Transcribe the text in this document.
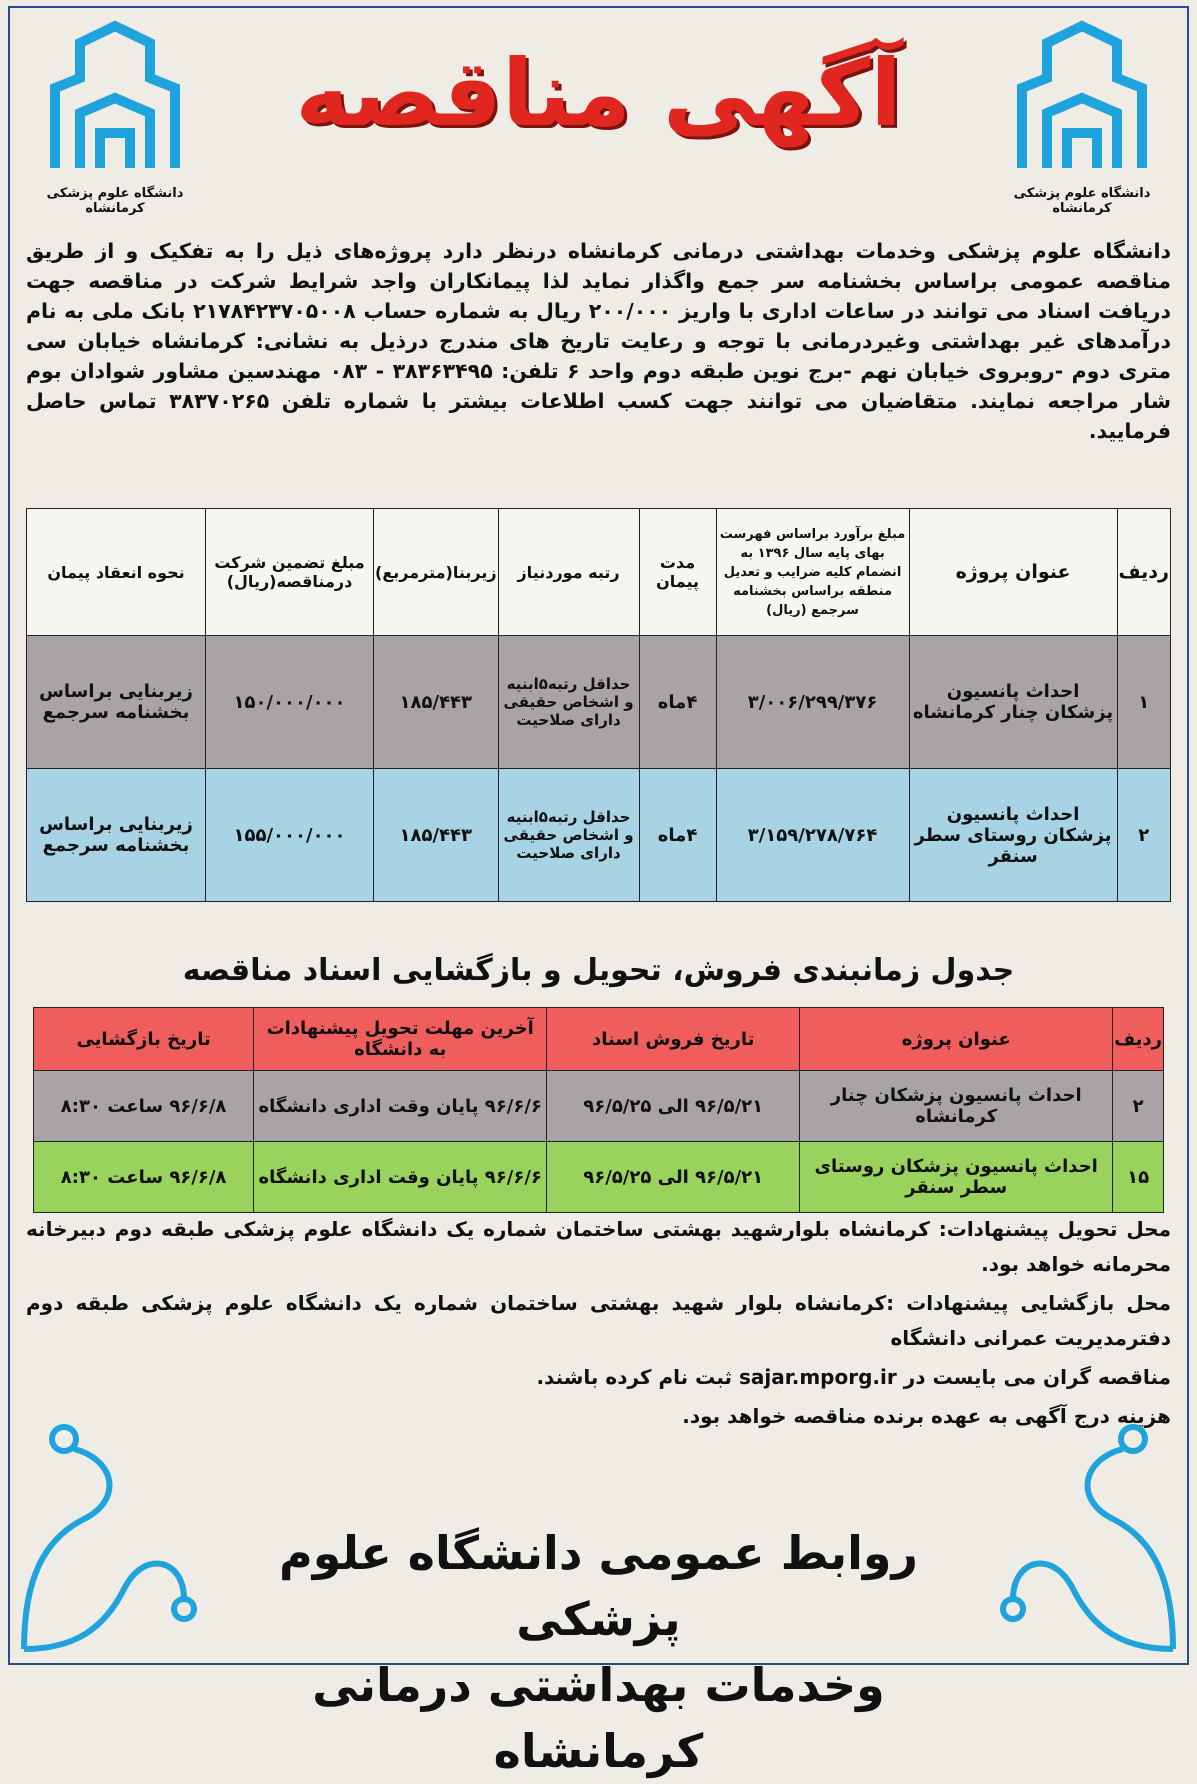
دانشگاه علوم پزشکی کرمانشاه
دانشگاه علوم پزشکی کرمانشاه
آگهی مناقصه
دانشگاه علوم پزشکی وخدمات بهداشتی درمانی کرمانشاه درنظر دارد پروژه‌های ذیل را به تفکیک و از طریق مناقصه عمومی براساس بخشنامه سر جمع واگذار نماید لذا پیمانکاران واجد شرایط شرکت در مناقصه جهت دریافت اسناد می توانند در ساعات اداری با واریز ۲۰۰/۰۰۰ ریال به شماره حساب ۲۱۷۸۴۲۳۷۰۵۰۰۸ بانک ملی به نام درآمدهای غیر بهداشتی وغیردرمانی با توجه و رعایت تاریخ های مندرج درذیل به نشانی: کرمانشاه خیابان سی متری دوم -روبروی خیابان نهم -برج نوین طبقه دوم واحد ۶ تلفن: ۳۸۳۶۳۴۹۵ - ۰۸۳ مهندسین مشاور شوادان بوم شار مراجعه نمایند. متقاضیان می توانند جهت کسب اطلاعات بیشتر با شماره تلفن ۳۸۳۷۰۲۶۵ تماس حاصل فرمایید.
ردیف	عنوان پروژه	مبلغ برآورد براساس فهرست بهای پایه سال ۱۳۹۶ به انضمام کلیه ضرایب و تعدیل منطقه براساس بخشنامه سرجمع (ریال)	مدت پیمان	رتبه موردنیاز	زیربنا(مترمربع)	مبلغ تضمین شرکت درمناقصه(ریال)	نحوه انعقاد پیمان
۱	احداث پانسیون پزشکان چنار کرمانشاه	۳/۰۰۶/۲۹۹/۳۷۶	۴ماه	حداقل رتبه۵ابنیه و اشخاص حقیقی دارای صلاحیت	۱۸۵/۴۴۳	۱۵۰/۰۰۰/۰۰۰	زیربنایی براساس بخشنامه سرجمع
۲	احداث پانسیون پزشکان روستای سطر سنقر	۳/۱۵۹/۲۷۸/۷۶۴	۴ماه	حداقل رتبه۵ابنیه و اشخاص حقیقی دارای صلاحیت	۱۸۵/۴۴۳	۱۵۵/۰۰۰/۰۰۰	زیربنایی براساس بخشنامه سرجمع
جدول زمانبندی فروش، تحویل و بازگشایی اسناد مناقصه
ردیف	عنوان پروژه	تاریخ فروش اسناد	آخرین مهلت تحویل پیشنهادات به دانشگاه	تاریخ بازگشایی
۲	احداث پانسیون پزشکان چنار کرمانشاه	۹۶/۵/۲۱ الی ۹۶/۵/۲۵	۹۶/۶/۶ پایان وقت اداری دانشگاه	۹۶/۶/۸ ساعت ۸:۳۰
۱۵	احداث پانسیون پزشکان روستای سطر سنقر	۹۶/۵/۲۱ الی ۹۶/۵/۲۵	۹۶/۶/۶ پایان وقت اداری دانشگاه	۹۶/۶/۸ ساعت ۸:۳۰

محل تحویل پیشنهادات: کرمانشاه بلوارشهید بهشتی ساختمان شماره یک دانشگاه علوم پزشکی طبقه دوم دبیرخانه محرمانه خواهد بود.

محل بازگشایی پیشنهادات :کرمانشاه بلوار شهید بهشتی ساختمان شماره یک دانشگاه علوم پزشکی طبقه دوم دفترمدیریت عمرانی دانشگاه

مناقصه گران می بایست در sajar.mporg.ir ثبت نام کرده باشند.

هزینه درج آگهی به عهده برنده مناقصه خواهد بود.

روابط عمومی دانشگاه علوم پزشکی
وخدمات بهداشتی درمانی کرمانشاه
